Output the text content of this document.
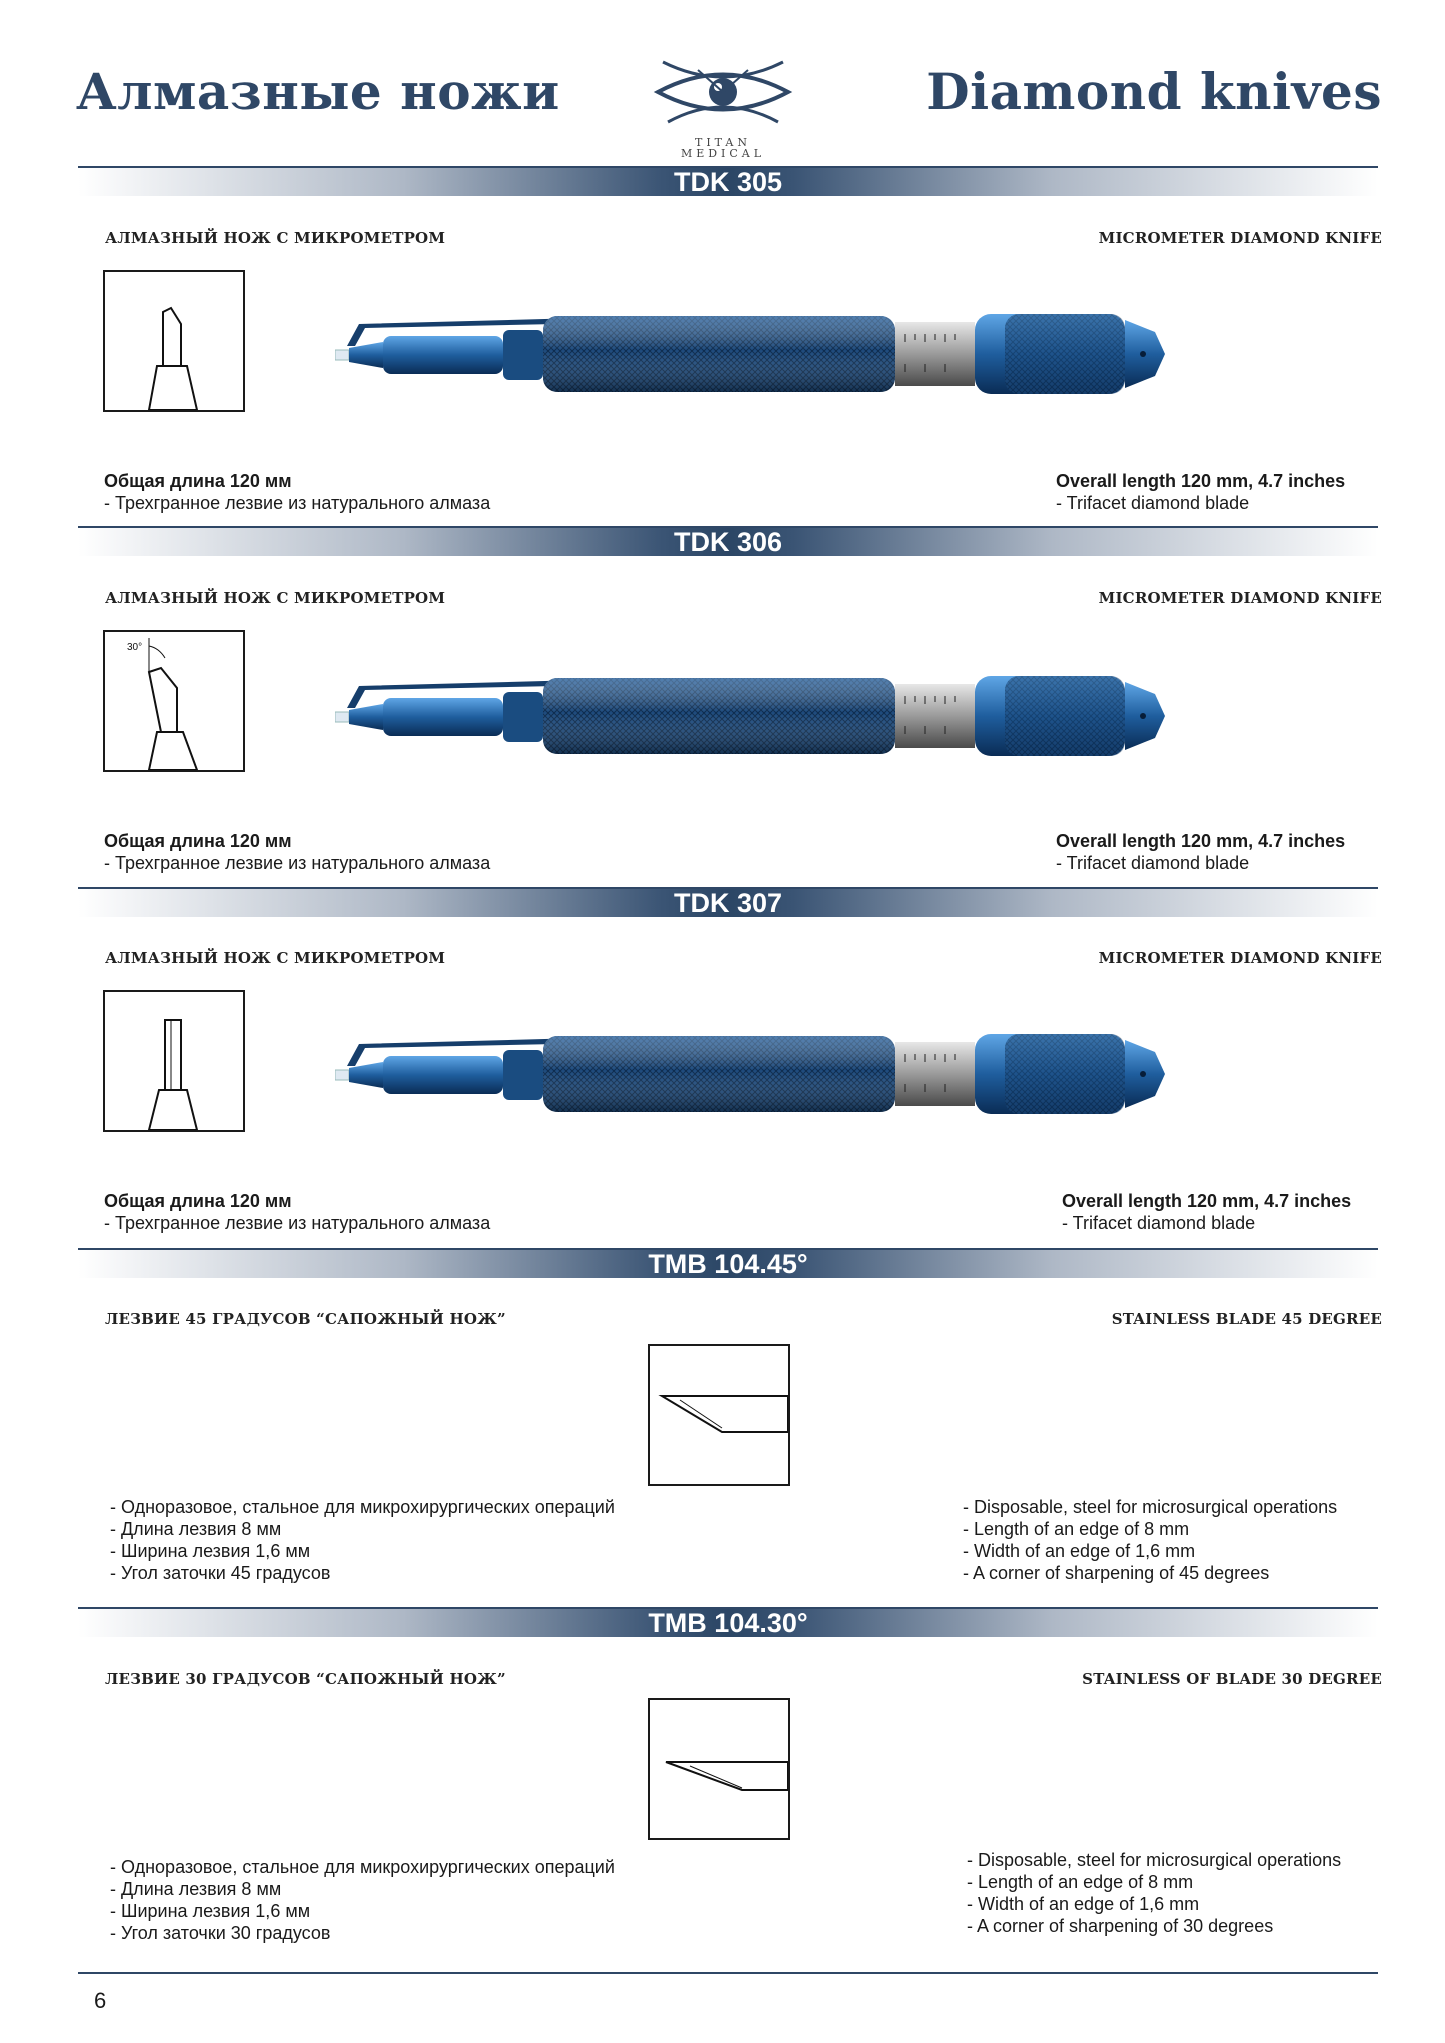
Алмазные ножи
TITAN
MEDICAL
Diamond knives
TDK 305
АЛМАЗНЫЙ НОЖ С МИКРОМЕТРОМ	MICROMETER DIAMOND KNIFE
Общая длина 120 мм
- Трехгранное лезвие из натурального алмаза
Overall length 120 mm, 4.7 inches
- Trifacet diamond blade
TDK 306
АЛМАЗНЫЙ НОЖ С МИКРОМЕТРОМ	MICROMETER DIAMOND KNIFE
30°
Общая длина 120 мм
- Трехгранное лезвие из натурального алмаза
Overall length 120 mm, 4.7 inches
- Trifacet diamond blade
TDK 307
АЛМАЗНЫЙ НОЖ С МИКРОМЕТРОМ	MICROMETER DIAMOND KNIFE
Общая длина 120 мм
- Трехгранное лезвие из натурального алмаза
Overall length 120 mm, 4.7 inches
- Trifacet diamond blade
TMB 104.45°
ЛЕЗВИЕ 45 ГРАДУСОВ “САПОЖНЫЙ НОЖ”	STAINLESS BLADE 45 DEGREE
- Одноразовое, стальное для микрохирургических операций
- Длина лезвия 8 мм
- Ширина лезвия 1,6 мм
- Угол заточки 45 градусов
- Disposable, steel for microsurgical operations
- Length of an edge of 8 mm
- Width of an edge of 1,6 mm
- A corner of sharpening of 45 degrees
TMB 104.30°
ЛЕЗВИЕ 30 ГРАДУСОВ “САПОЖНЫЙ НОЖ”	STAINLESS OF BLADE 30 DEGREE
- Одноразовое, стальное для микрохирургических операций
- Длина лезвия 8 мм
- Ширина лезвия 1,6 мм
- Угол заточки 30 градусов
- Disposable, steel for microsurgical operations
- Length of an edge of 8 mm
- Width of an edge of 1,6 mm
- A corner of sharpening of 30 degrees
6
